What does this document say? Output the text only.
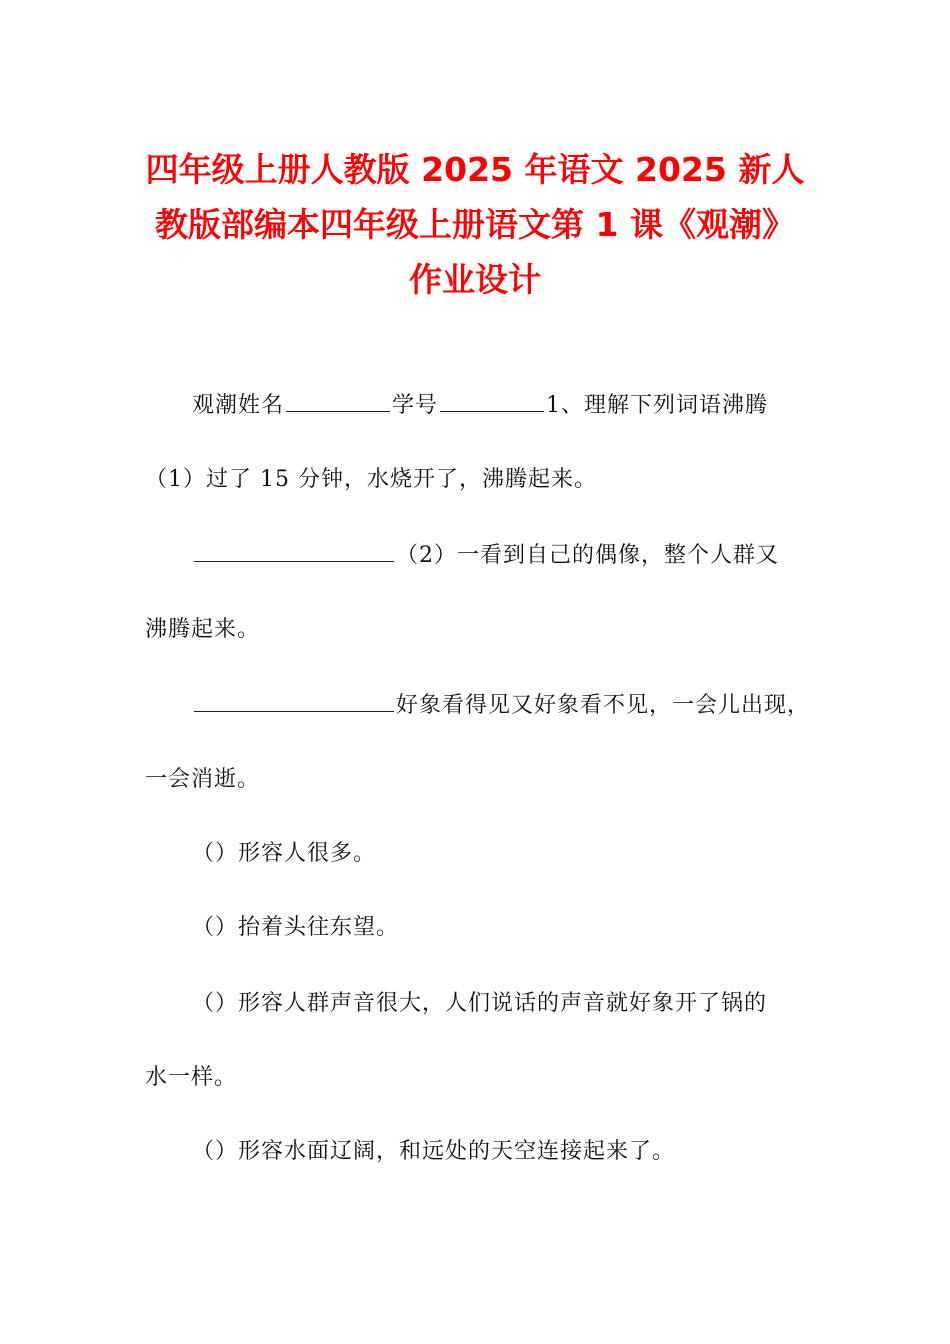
四年级上册人教版 2025 年语文 2025 新人
教版部编本四年级上册语文第 1 课《观潮》
作业设计

观潮姓名	学号	1、理解下列词语沸腾

（1）过了 15 分钟，水烧开了，沸腾起来。

（2）一看到自己的偶像，整个人群又

沸腾起来。

好象看得见又好象看不见，一会儿出现，

一会消逝。

（）形容人很多。

（）抬着头往东望。

（）形容人群声音很大，人们说话的声音就好象开了锅的

水一样。

（）形容水面辽阔，和远处的天空连接起来了。
